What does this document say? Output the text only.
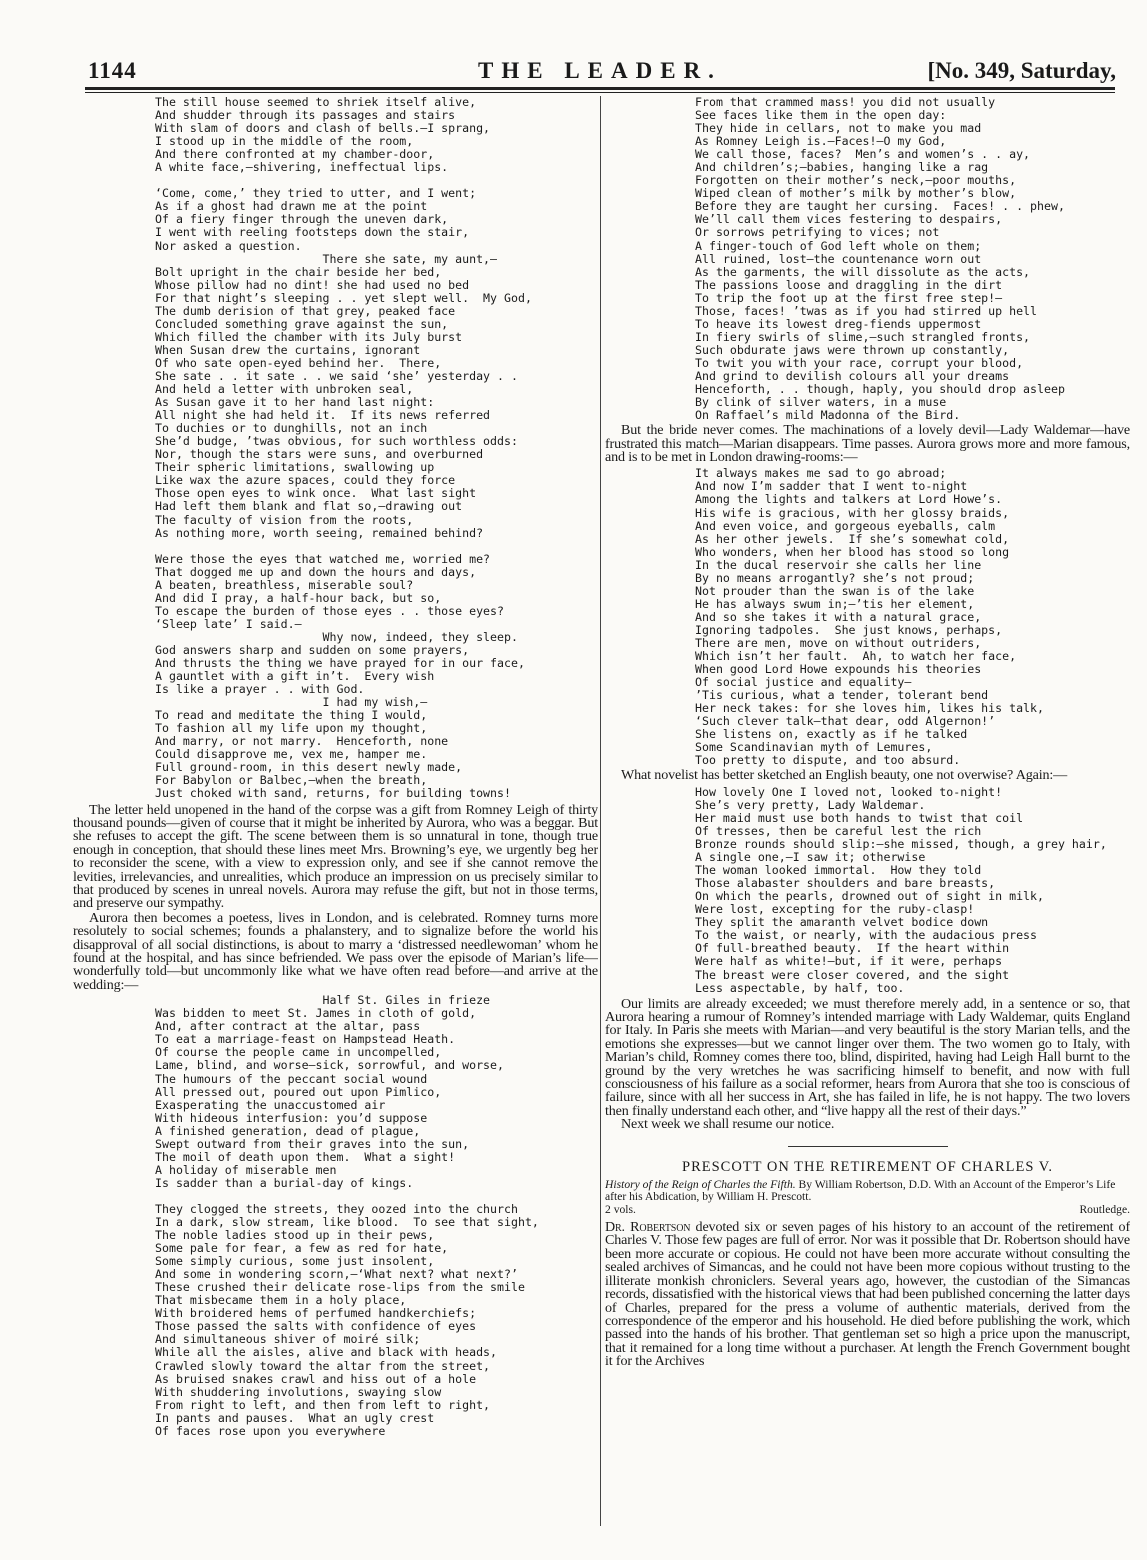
1144	THE LEADER.	[No. 349, Saturday,
The still house seemed to shriek itself alive,
And shudder through its passages and stairs
With slam of doors and clash of bells.—I sprang,
I stood up in the middle of the room,
And there confronted at my chamber-door,
A white face,—shivering, ineffectual lips.

‘Come, come,’ they tried to utter, and I went;
As if a ghost had drawn me at the point
Of a fiery finger through the uneven dark,
I went with reeling footsteps down the stair,
Nor asked a question.
There she sate, my aunt,—
Bolt upright in the chair beside her bed,
Whose pillow had no dint! she had used no bed
For that night’s sleeping . . yet slept well.  My God,
The dumb derision of that grey, peaked face
Concluded something grave against the sun,
Which filled the chamber with its July burst
When Susan drew the curtains, ignorant
Of who sate open-eyed behind her.  There,
She sate . . it sate . . we said ‘she’ yesterday . .
And held a letter with unbroken seal,
As Susan gave it to her hand last night:
All night she had held it.  If its news referred
To duchies or to dunghills, not an inch
She’d budge, ’twas obvious, for such worthless odds:
Nor, though the stars were suns, and overburned
Their spheric limitations, swallowing up
Like wax the azure spaces, could they force
Those open eyes to wink once.  What last sight
Had left them blank and flat so,—drawing out
The faculty of vision from the roots,
As nothing more, worth seeing, remained behind?

Were those the eyes that watched me, worried me?
That dogged me up and down the hours and days,
A beaten, breathless, miserable soul?
And did I pray, a half-hour back, but so,
To escape the burden of those eyes . . those eyes?
‘Sleep late’ I said.—
Why now, indeed, they sleep.
God answers sharp and sudden on some prayers,
And thrusts the thing we have prayed for in our face,
A gauntlet with a gift in’t.  Every wish
Is like a prayer . . with God.
I had my wish,—
To read and meditate the thing I would,
To fashion all my life upon my thought,
And marry, or not marry.  Henceforth, none
Could disapprove me, vex me, hamper me.
Full ground-room, in this desert newly made,
For Babylon or Balbec,—when the breath,
Just choked with sand, returns, for building towns!

The letter held unopened in the hand of the corpse was a gift from Romney Leigh of thirty thousand pounds—given of course that it might be inherited by Aurora, who was a beggar. But she refuses to accept the gift. The scene between them is so unnatural in tone, though true enough in conception, that should these lines meet Mrs. Browning’s eye, we urgently beg her to reconsider the scene, with a view to expression only, and see if she cannot remove the levities, irrelevancies, and unrealities, which produce an impression on us precisely similar to that produced by scenes in unreal novels. Aurora may refuse the gift, but not in those terms, and preserve our sympathy.

Aurora then becomes a poetess, lives in London, and is celebrated. Romney turns more resolutely to social schemes; founds a phalanstery, and to signalize before the world his disapproval of all social distinctions, is about to marry a ‘distressed needlewoman’ whom he found at the hospital, and has since befriended. We pass over the episode of Marian’s life—wonderfully told—but uncommonly like what we have often read before—and arrive at the wedding:—

Half St. Giles in frieze
Was bidden to meet St. James in cloth of gold,
And, after contract at the altar, pass
To eat a marriage-feast on Hampstead Heath.
Of course the people came in uncompelled,
Lame, blind, and worse—sick, sorrowful, and worse,
The humours of the peccant social wound
All pressed out, poured out upon Pimlico,
Exasperating the unaccustomed air
With hideous interfusion: you’d suppose
A finished generation, dead of plague,
Swept outward from their graves into the sun,
The moil of death upon them.  What a sight!
A holiday of miserable men
Is sadder than a burial-day of kings.

They clogged the streets, they oozed into the church
In a dark, slow stream, like blood.  To see that sight,
The noble ladies stood up in their pews,
Some pale for fear, a few as red for hate,
Some simply curious, some just insolent,
And some in wondering scorn,—‘What next? what next?’
These crushed their delicate rose-lips from the smile
That misbecame them in a holy place,
With broidered hems of perfumed handkerchiefs;
Those passed the salts with confidence of eyes
And simultaneous shiver of moiré silk;
While all the aisles, alive and black with heads,
Crawled slowly toward the altar from the street,
As bruised snakes crawl and hiss out of a hole
With shuddering involutions, swaying slow
From right to left, and then from left to right,
In pants and pauses.  What an ugly crest
Of faces rose upon you everywhere
From that crammed mass! you did not usually
See faces like them in the open day:
They hide in cellars, not to make you mad
As Romney Leigh is.—Faces!—O my God,
We call those, faces?  Men’s and women’s . . ay,
And children’s;—babies, hanging like a rag
Forgotten on their mother’s neck,—poor mouths,
Wiped clean of mother’s milk by mother’s blow,
Before they are taught her cursing.  Faces! . . phew,
We’ll call them vices festering to despairs,
Or sorrows petrifying to vices; not
A finger-touch of God left whole on them;
All ruined, lost—the countenance worn out
As the garments, the will dissolute as the acts,
The passions loose and draggling in the dirt
To trip the foot up at the first free step!—
Those, faces! ’twas as if you had stirred up hell
To heave its lowest dreg-fiends uppermost
In fiery swirls of slime,—such strangled fronts,
Such obdurate jaws were thrown up constantly,
To twit you with your race, corrupt your blood,
And grind to devilish colours all your dreams
Henceforth, . . though, haply, you should drop asleep
By clink of silver waters, in a muse
On Raffael’s mild Madonna of the Bird.

But the bride never comes. The machinations of a lovely devil—Lady Waldemar—have frustrated this match—Marian disappears. Time passes. Aurora grows more and more famous, and is to be met in London drawing-rooms:—

It always makes me sad to go abroad;
And now I’m sadder that I went to-night
Among the lights and talkers at Lord Howe’s.
His wife is gracious, with her glossy braids,
And even voice, and gorgeous eyeballs, calm
As her other jewels.  If she’s somewhat cold,
Who wonders, when her blood has stood so long
In the ducal reservoir she calls her line
By no means arrogantly? she’s not proud;
Not prouder than the swan is of the lake
He has always swum in;—’tis her element,
And so she takes it with a natural grace,
Ignoring tadpoles.  She just knows, perhaps,
There are men, move on without outriders,
Which isn’t her fault.  Ah, to watch her face,
When good Lord Howe expounds his theories
Of social justice and equality—
’Tis curious, what a tender, tolerant bend
Her neck takes: for she loves him, likes his talk,
‘Such clever talk—that dear, odd Algernon!’
She listens on, exactly as if he talked
Some Scandinavian myth of Lemures,
Too pretty to dispute, and too absurd.

What novelist has better sketched an English beauty, one not overwise? Again:—

How lovely One I loved not, looked to-night!
She’s very pretty, Lady Waldemar.
Her maid must use both hands to twist that coil
Of tresses, then be careful lest the rich
Bronze rounds should slip:—she missed, though, a grey hair,
A single one,—I saw it; otherwise
The woman looked immortal.  How they told
Those alabaster shoulders and bare breasts,
On which the pearls, drowned out of sight in milk,
Were lost, excepting for the ruby-clasp!
They split the amaranth velvet bodice down
To the waist, or nearly, with the audacious press
Of full-breathed beauty.  If the heart within
Were half as white!—but, if it were, perhaps
The breast were closer covered, and the sight
Less aspectable, by half, too.

Our limits are already exceeded; we must therefore merely add, in a sentence or so, that Aurora hearing a rumour of Romney’s intended marriage with Lady Waldemar, quits England for Italy. In Paris she meets with Marian—and very beautiful is the story Marian tells, and the emotions she expresses—but we cannot linger over them. The two women go to Italy, with Marian’s child, Romney comes there too, blind, dispirited, having had Leigh Hall burnt to the ground by the very wretches he was sacrificing himself to benefit, and now with full consciousness of his failure as a social reformer, hears from Aurora that she too is conscious of failure, since with all her success in Art, she has failed in life, he is not happy. The two lovers then finally understand each other, and “live happy all the rest of their days.”

Next week we shall resume our notice.

PRESCOTT ON THE RETIREMENT OF CHARLES V.

History of the Reign of Charles the Fifth. By William Robertson, D.D. With an Account of the Emperor’s Life after his Abdication, by William H. Prescott.
2 vols.	Routledge.

Dr. Robertson devoted six or seven pages of his history to an account of the retirement of Charles V. Those few pages are full of error. Nor was it possible that Dr. Robertson should have been more accurate or copious. He could not have been more accurate without consulting the sealed archives of Simancas, and he could not have been more copious without trusting to the illiterate monkish chroniclers. Several years ago, however, the custodian of the Simancas records, dissatisfied with the historical views that had been published concerning the latter days of Charles, prepared for the press a volume of authentic materials, derived from the correspondence of the emperor and his household. He died before publishing the work, which passed into the hands of his brother. That gentleman set so high a price upon the manuscript, that it remained for a long time without a purchaser. At length the French Government bought it for the Archives
